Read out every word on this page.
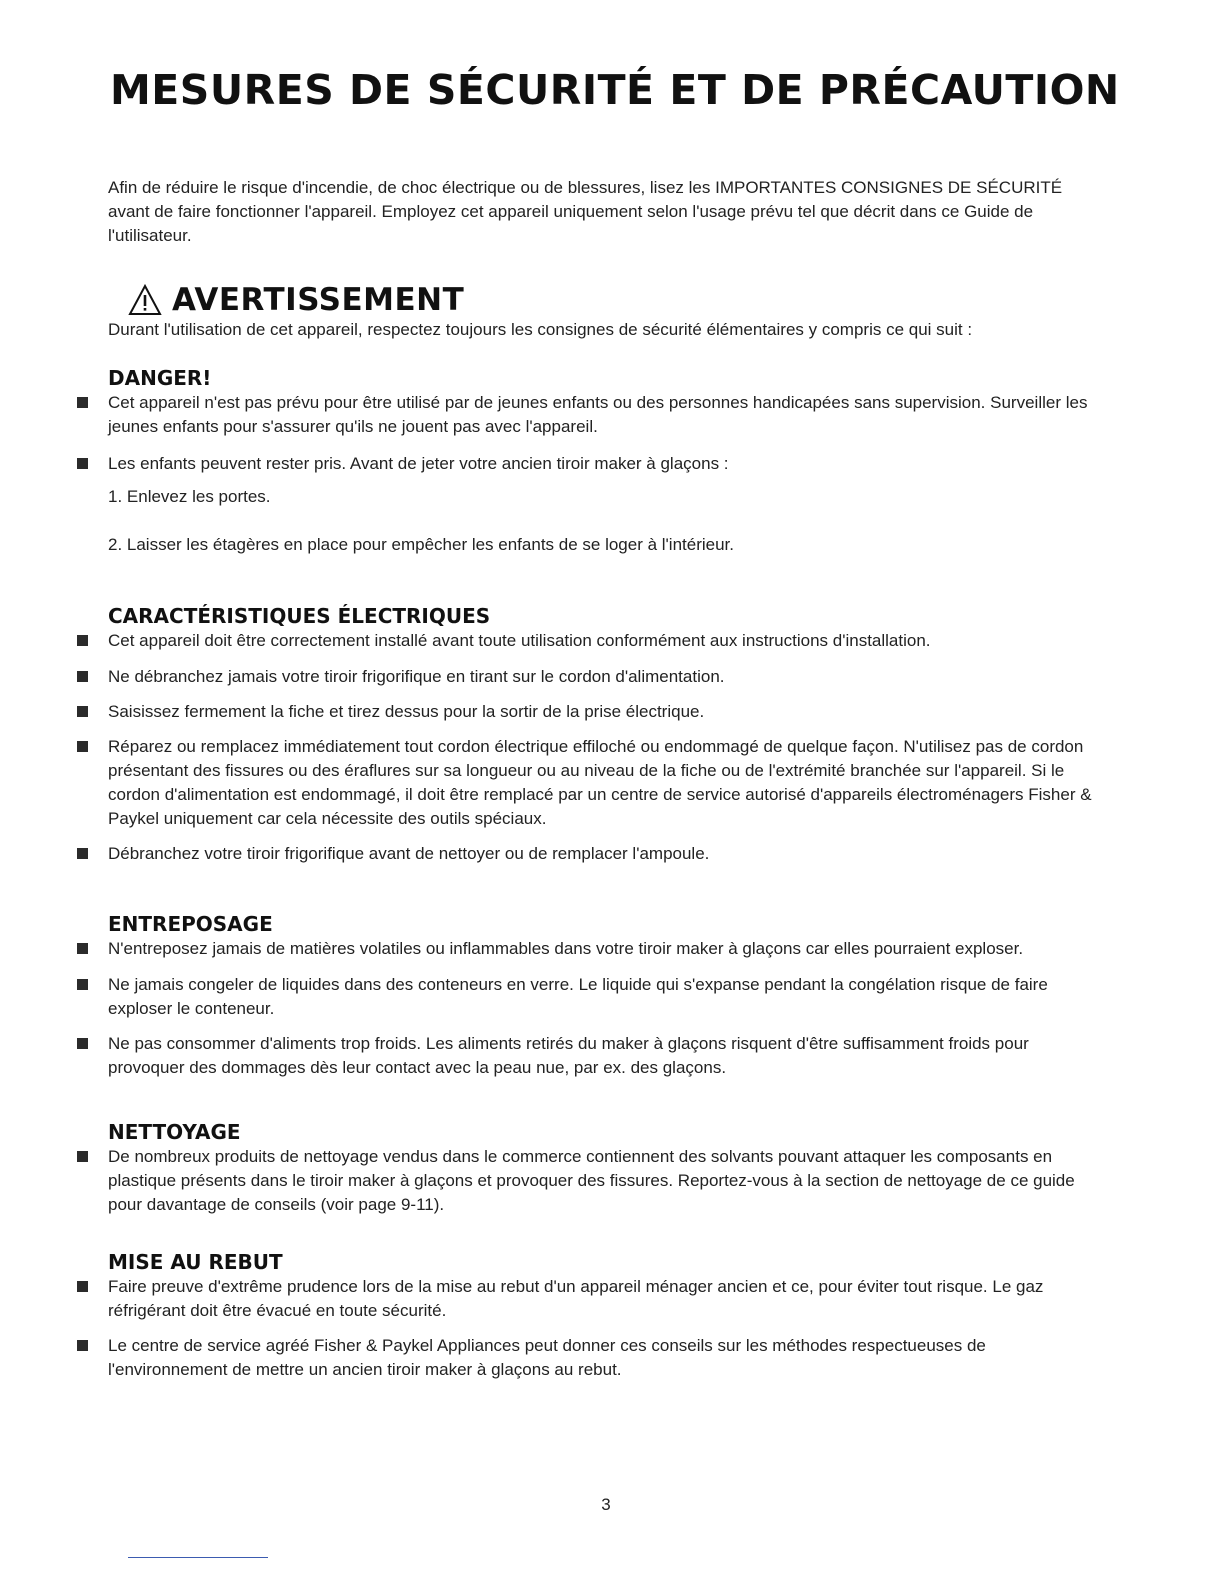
MESURES DE SÉCURITÉ ET DE PRÉCAUTION

Afin de réduire le risque d'incendie, de choc électrique ou de blessures, lisez les IMPORTANTES CONSIGNES DE SÉCURITÉ avant de faire fonctionner l'appareil. Employez cet appareil uniquement selon l'usage prévu tel que décrit dans ce Guide de l'utilisateur.

AVERTISSEMENT

Durant l'utilisation de cet appareil, respectez toujours les consignes de sécurité élémentaires y compris ce qui suit :

DANGER!

Cet appareil n'est pas prévu pour être utilisé par de jeunes enfants ou des personnes handicapées sans supervision. Surveiller les jeunes enfants pour s'assurer qu'ils ne jouent pas avec l'appareil.

Les enfants peuvent rester pris. Avant de jeter votre ancien tiroir maker à glaçons :

1. Enlevez les portes.

2. Laisser les étagères en place pour empêcher les enfants de se loger à l'intérieur.

CARACTÉRISTIQUES ÉLECTRIQUES

Cet appareil doit être correctement installé avant toute utilisation conformément aux instructions d'installation.

Ne débranchez jamais votre tiroir frigorifique en tirant sur le cordon d'alimentation.

Saisissez fermement la fiche et tirez dessus pour la sortir de la prise électrique.

Réparez ou remplacez immédiatement tout cordon électrique effiloché ou endommagé de quelque façon. N'utilisez pas de cordon présentant des fissures ou des éraflures sur sa longueur ou au niveau de la fiche ou de l'extrémité branchée sur l'appareil. Si le cordon d'alimentation est endommagé, il doit être remplacé par un centre de service autorisé d'appareils électroménagers Fisher & Paykel uniquement car cela nécessite des outils spéciaux.

Débranchez votre tiroir frigorifique avant de nettoyer ou de remplacer l'ampoule.

ENTREPOSAGE

N'entreposez jamais de matières volatiles ou inflammables dans votre tiroir maker à glaçons car elles pourraient exploser.

Ne jamais congeler de liquides dans des conteneurs en verre. Le liquide qui s'expanse pendant la congélation risque de faire exploser le conteneur.

Ne pas consommer d'aliments trop froids. Les aliments retirés du maker à glaçons risquent d'être suffisamment froids pour provoquer des dommages dès leur contact avec la peau nue, par ex. des glaçons.

NETTOYAGE

De nombreux produits de nettoyage vendus dans le commerce contiennent des solvants pouvant attaquer les composants en plastique présents dans le tiroir maker à glaçons et provoquer des fissures. Reportez-vous à la section de nettoyage de ce guide pour davantage de conseils (voir page 9-11).

MISE AU REBUT

Faire preuve d'extrême prudence lors de la mise au rebut d'un appareil ménager ancien et ce, pour éviter tout risque. Le gaz réfrigérant doit être évacué en toute sécurité.

Le centre de service agréé Fisher & Paykel Appliances peut donner ces conseils sur les méthodes respectueuses de l'environnement de mettre un ancien tiroir maker à glaçons au rebut.

3
